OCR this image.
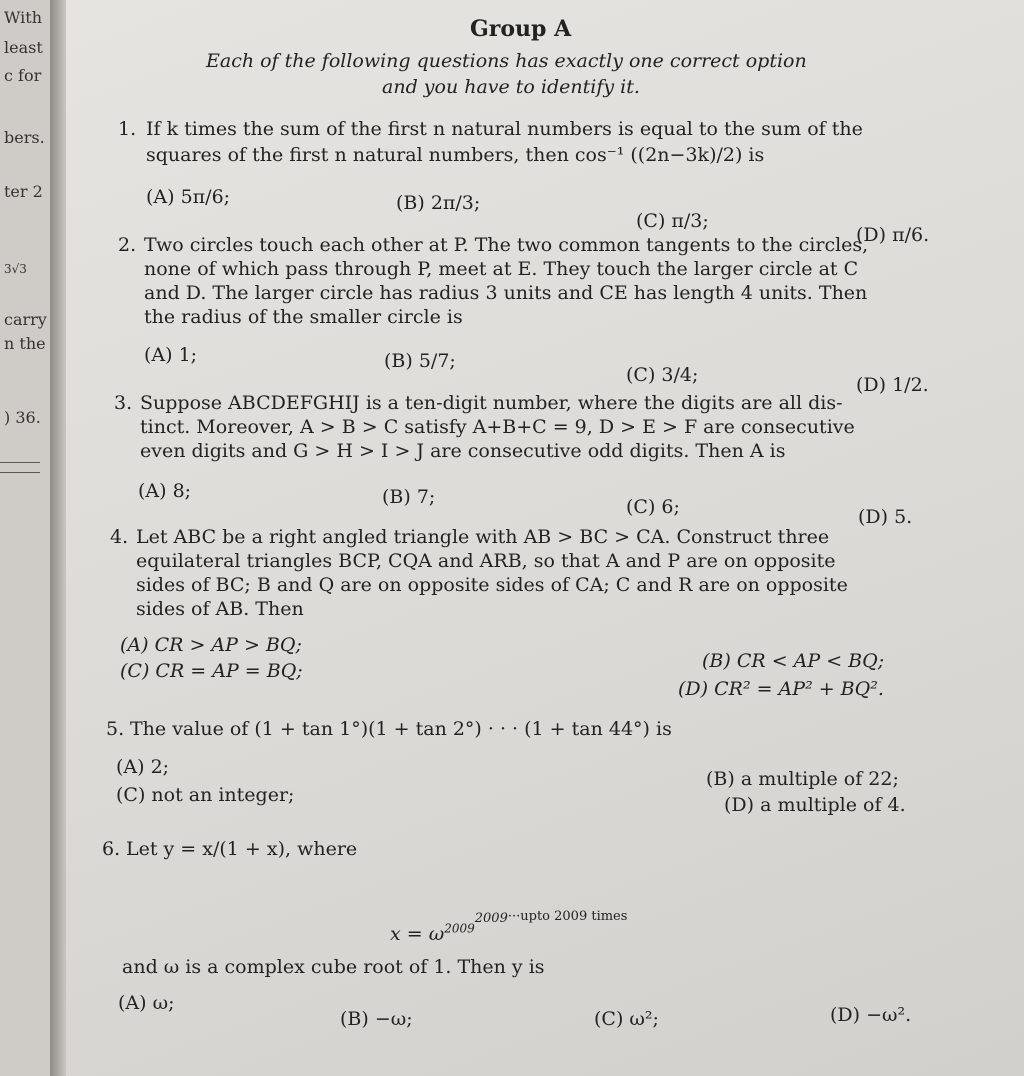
With
least
c for
bers.
ter 2
3√3
carry
n the
) 36.
Group A
Each of the following questions has exactly one correct option
and you have to identify it.
1. If k times the sum of the first n natural numbers is equal to the sum of the
squares of the first n natural numbers, then cos⁻¹ ((2n−3k)/2) is
(A) 5π/6;	(B) 2π/3;
(C) π/3;
(D) π/6.
2. Two circles touch each other at P. The two common tangents to the circles,
none of which pass through P, meet at E. They touch the larger circle at C
and D. The larger circle has radius 3 units and CE has length 4 units. Then
the radius of the smaller circle is
(A) 1;	(B) 5/7;
(C) 3/4;	(D) 1/2.
3. Suppose ABCDEFGHIJ is a ten-digit number, where the digits are all dis-
tinct. Moreover, A > B > C satisfy A+B+C = 9, D > E > F are consecutive
even digits and G > H > I > J are consecutive odd digits. Then A is
(A) 8;	(B) 7;	(C) 6;	(D) 5.
4. Let ABC be a right angled triangle with AB > BC > CA. Construct three
equilateral triangles BCP, CQA and ARB, so that A and P are on opposite
sides of BC; B and Q are on opposite sides of CA; C and R are on opposite
sides of AB. Then
(A) CR > AP > BQ;
(B) CR < AP < BQ;
(C) CR = AP = BQ;
(D) CR² = AP² + BQ².
5. The value of (1 + tan 1°)(1 + tan 2°) · · · (1 + tan 44°) is
(A) 2;
(B) a multiple of 22;
(C) not an integer;	(D) a multiple of 4.
6. Let y = x/(1 + x), where
$x = \omega^{20092009\cdot\cdot\cdot upto 2009 times}$
and ω is a complex cube root of 1. Then y is
(A) ω;
(B) −ω;	(C) ω²;	(D) −ω².
